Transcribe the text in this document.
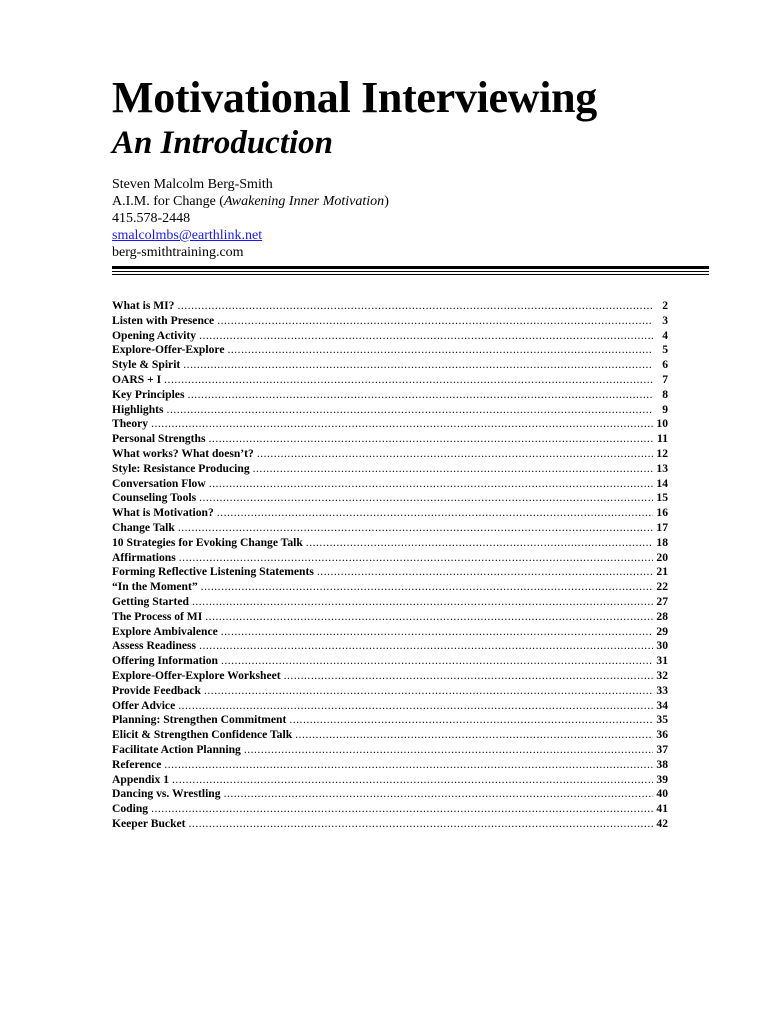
Motivational Interviewing
An Introduction
Steven Malcolm Berg-Smith
A.I.M. for Change (Awakening Inner Motivation)
415.578-2448
smalcolmbs@earthlink.net
berg-smithtraining.com
What is MI? .....	2
Listen with Presence .....	3
Opening Activity .....	4
Explore-Offer-Explore .....	5
Style & Spirit .....	6
OARS + I .....	7
Key Principles .....	8
Highlights .....	9
Theory .....	10
Personal Strengths .....	11
What works? What doesn’t? .....	12
Style: Resistance Producing .....	13
Conversation Flow .....	14
Counseling Tools .....	15
What is Motivation? .....	16
Change Talk .....	17
10 Strategies for Evoking Change Talk .....	18
Affirmations .....	20
Forming Reflective Listening Statements .....	21
“In the Moment” .....	22
Getting Started .....	27
The Process of MI .....	28
Explore Ambivalence .....	29
Assess Readiness .....	30
Offering Information .....	31
Explore-Offer-Explore Worksheet .....	32
Provide Feedback .....	33
Offer Advice .....	34
Planning: Strengthen Commitment .....	35
Elicit & Strengthen Confidence Talk .....	36
Facilitate Action Planning .....	37
Reference .....	38
Appendix 1 .....	39
Dancing vs. Wrestling .....	40
Coding .....	41
Keeper Bucket .....	42
